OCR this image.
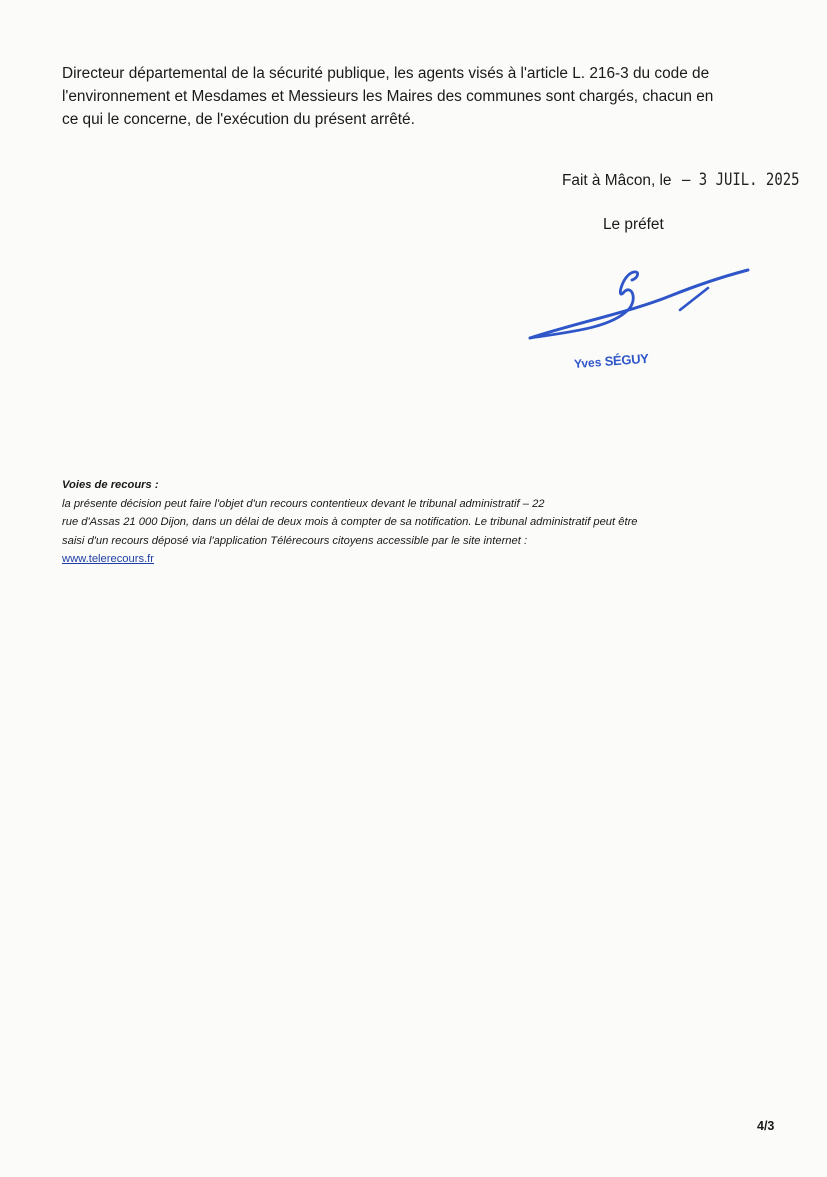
Directeur départemental de la sécurité publique, les agents visés à l'article L. 216-3 du code de
l'environnement et Mesdames et Messieurs les Maires des communes sont chargés, chacun en
ce qui le concerne, de l'exécution du présent arrêté.

Fait à Mâcon, le – 3 JUIL. 2025
Le préfet
Yves SÉGUY

Voies de recours :
la présente décision peut faire l'objet d'un recours contentieux devant le tribunal administratif – 22
rue d'Assas 21 000 Dijon, dans un délai de deux mois à compter de sa notification. Le tribunal administratif peut être
saisi d'un recours déposé via l'application Télérecours citoyens accessible par le site internet :
www.telerecours.fr

4/3
